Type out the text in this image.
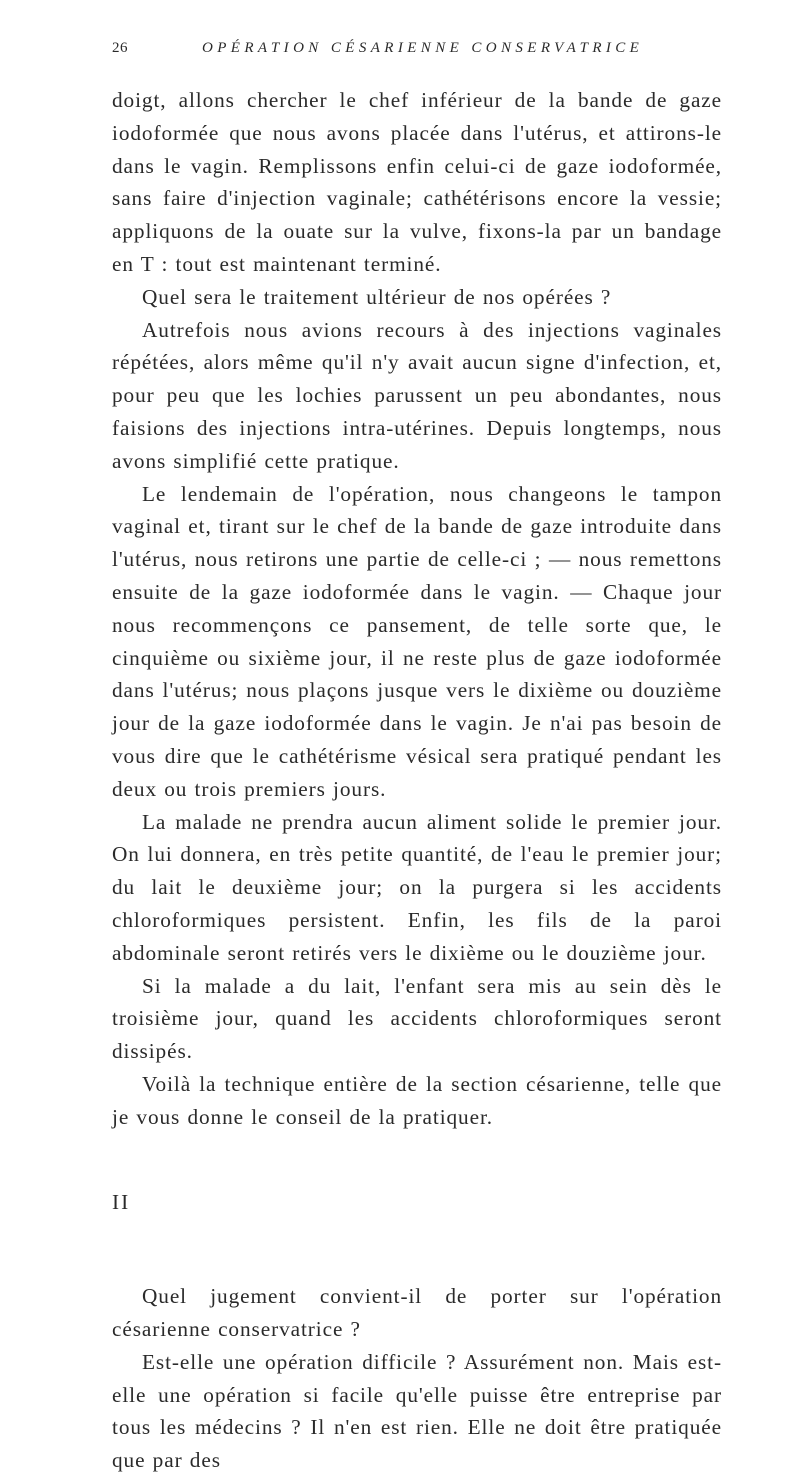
26	OPÉRATION CÉSARIENNE CONSERVATRICE

doigt, allons chercher le chef inférieur de la bande de gaze iodoformée que nous avons placée dans l'utérus, et attirons-le dans le vagin. Remplissons enfin celui-ci de gaze iodoformée, sans faire d'injection vaginale; cathétérisons encore la vessie; appliquons de la ouate sur la vulve, fixons-la par un bandage en T : tout est maintenant terminé.

Quel sera le traitement ultérieur de nos opérées ?

Autrefois nous avions recours à des injections vaginales répétées, alors même qu'il n'y avait aucun signe d'infection, et, pour peu que les lochies parussent un peu abondantes, nous faisions des injections intra-utérines. Depuis longtemps, nous avons simplifié cette pratique.

Le lendemain de l'opération, nous changeons le tampon vaginal et, tirant sur le chef de la bande de gaze introduite dans l'utérus, nous retirons une partie de celle-ci ; — nous remettons ensuite de la gaze iodoformée dans le vagin. — Chaque jour nous recommençons ce pansement, de telle sorte que, le cinquième ou sixième jour, il ne reste plus de gaze iodoformée dans l'utérus; nous plaçons jusque vers le dixième ou douzième jour de la gaze iodoformée dans le vagin. Je n'ai pas besoin de vous dire que le cathétérisme vésical sera pratiqué pendant les deux ou trois premiers jours.

La malade ne prendra aucun aliment solide le premier jour. On lui donnera, en très petite quantité, de l'eau le premier jour; du lait le deuxième jour; on la purgera si les accidents chloroformiques persistent. Enfin, les fils de la paroi abdominale seront retirés vers le dixième ou le douzième jour.

Si la malade a du lait, l'enfant sera mis au sein dès le troisième jour, quand les accidents chloroformiques seront dissipés.

Voilà la technique entière de la section césarienne, telle que je vous donne le conseil de la pratiquer.

II

Quel jugement convient-il de porter sur l'opération césarienne conservatrice ?

Est-elle une opération difficile ? Assurément non. Mais est-elle une opération si facile qu'elle puisse être entreprise par tous les médecins ? Il n'en est rien. Elle ne doit être pratiquée que par des
